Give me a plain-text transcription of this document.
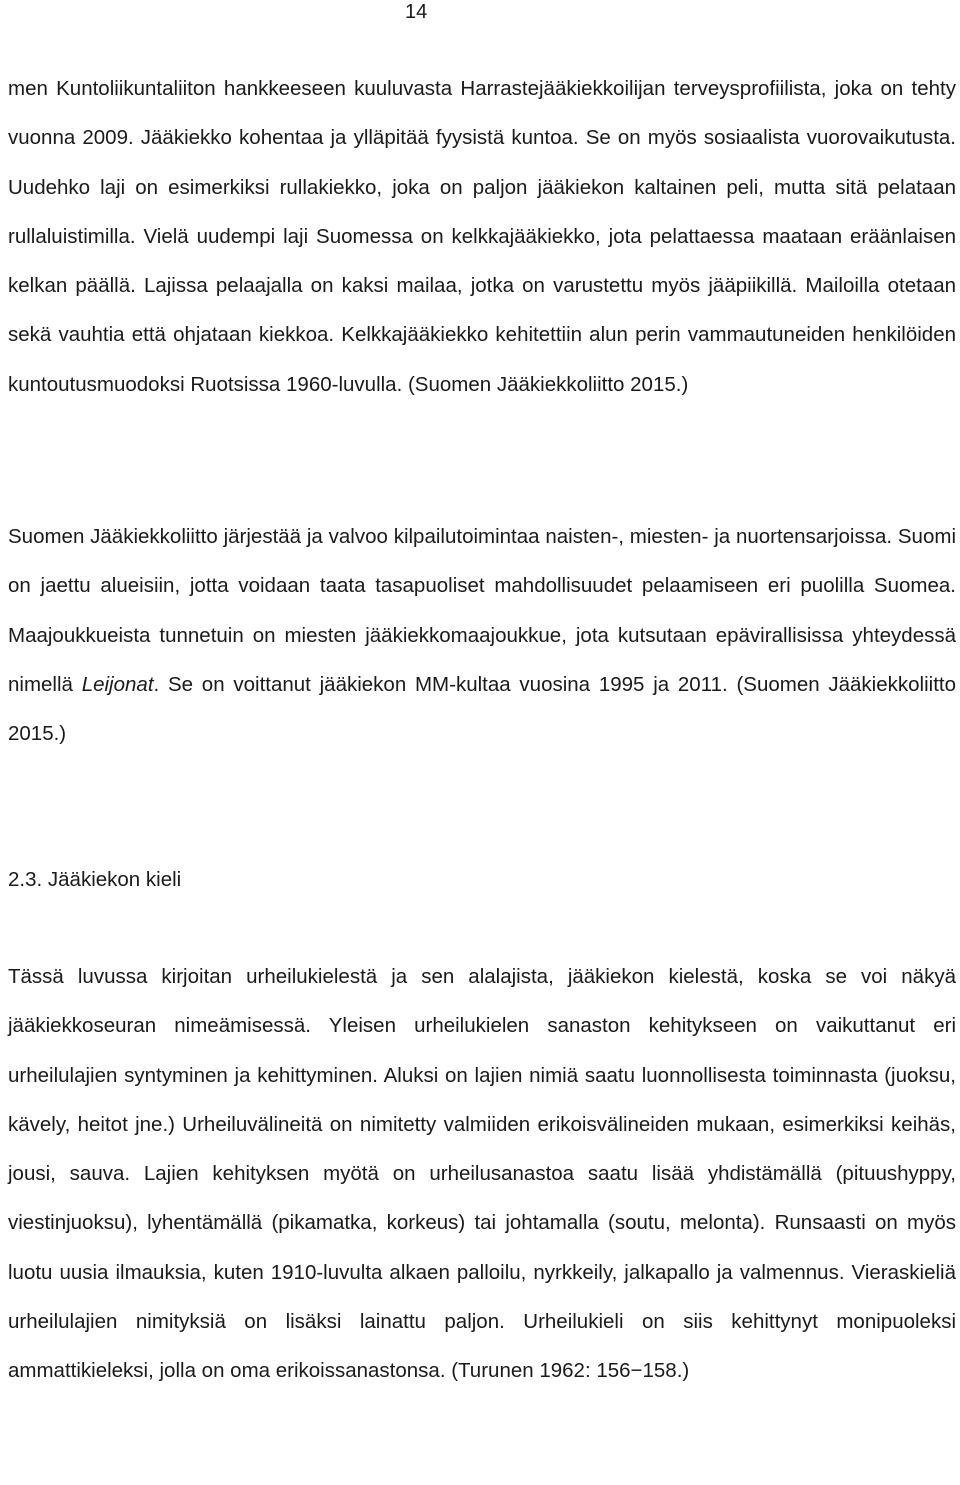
14

men Kuntoliikuntaliiton hankkeeseen kuuluvasta Harrastejääkiekkoilijan terveysprofiilista, joka on tehty vuonna 2009. Jääkiekko kohentaa ja ylläpitää fyysistä kuntoa. Se on myös sosiaalista vuorovaikutusta. Uudehko laji on esimerkiksi rullakiekko, joka on paljon jääkiekon kaltainen peli, mutta sitä pelataan rullaluistimilla. Vielä uudempi laji Suomessa on kelkkajääkiekko, jota pelattaessa maataan eräänlaisen kelkan päällä. Lajissa pelaajalla on kaksi mailaa, jotka on varustettu myös jääpiikillä. Mailoilla otetaan sekä vauhtia että ohjataan kiekkoa. Kelkkajääkiekko kehitettiin alun perin vammautuneiden henkilöiden kuntoutusmuodoksi Ruotsissa 1960-luvulla. (Suomen Jääkiekkoliitto 2015.)

Suomen Jääkiekkoliitto järjestää ja valvoo kilpailutoimintaa naisten-, miesten- ja nuortensarjoissa. Suomi on jaettu alueisiin, jotta voidaan taata tasapuoliset mahdollisuudet pelaamiseen eri puolilla Suomea. Maajoukkueista tunnetuin on miesten jääkiekkomaajoukkue, jota kutsutaan epävirallisissa yhteydessä nimellä Leijonat. Se on voittanut jääkiekon MM-kultaa vuosina 1995 ja 2011. (Suomen Jääkiekkoliitto 2015.)

2.3. Jääkiekon kieli

Tässä luvussa kirjoitan urheilukielestä ja sen alalajista, jääkiekon kielestä, koska se voi näkyä jääkiekkoseuran nimeämisessä. Yleisen urheilukielen sanaston kehitykseen on vaikuttanut eri urheilulajien syntyminen ja kehittyminen. Aluksi on lajien nimiä saatu luonnollisesta toiminnasta (juoksu, kävely, heitot jne.) Urheiluvälineitä on nimitetty valmiiden erikoisvälineiden mukaan, esimerkiksi keihäs, jousi, sauva. Lajien kehityksen myötä on urheilusanastoa saatu lisää yhdistämällä (pituushyppy, viestinjuoksu), lyhentämällä (pikamatka, korkeus) tai johtamalla (soutu, melonta). Runsaasti on myös luotu uusia ilmauksia, kuten 1910-luvulta alkaen palloilu, nyrkkeily, jalkapallo ja valmennus. Vieraskieliä urheilulajien nimityksiä on lisäksi lainattu paljon. Urheilukieli on siis kehittynyt monipuoleksi ammattikieleksi, jolla on oma erikoissanastonsa. (Turunen 1962: 156−158.)
